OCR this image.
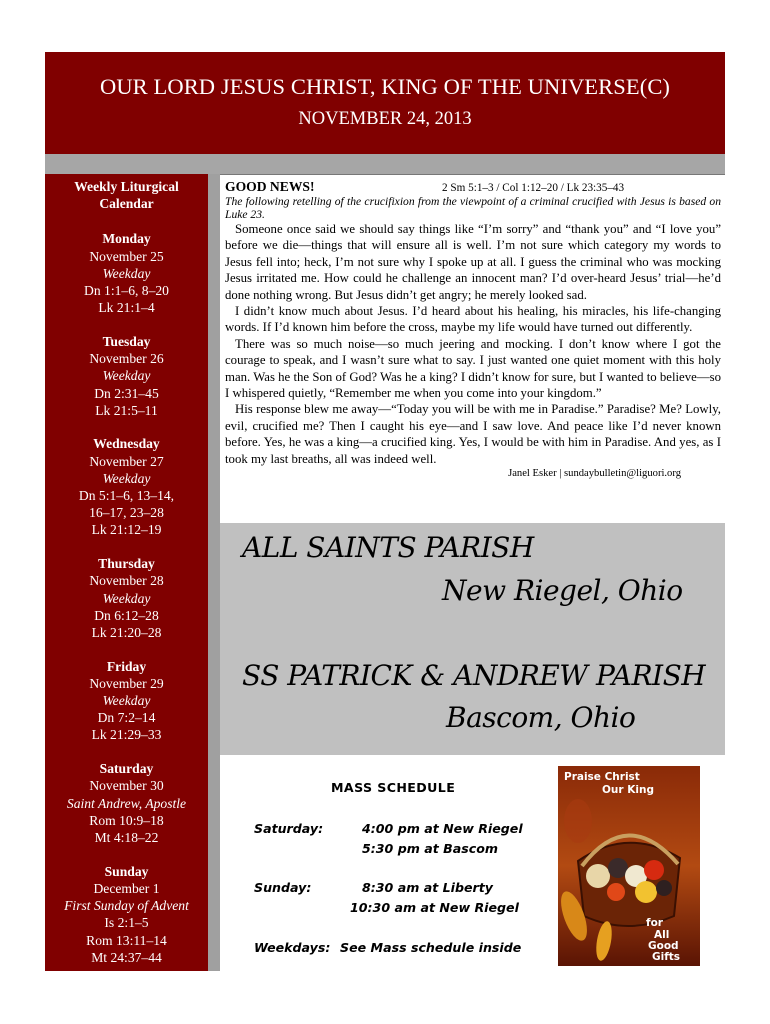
OUR LORD JESUS CHRIST, KING OF THE UNIVERSE(C)
NOVEMBER 24, 2013
Weekly Liturgical
Calendar
Monday
November 25
Weekday
Dn 1:1–6, 8–20
Lk 21:1–4
Tuesday
November 26
Weekday
Dn 2:31–45
Lk 21:5–11
Wednesday
November 27
Weekday
Dn 5:1–6, 13–14,
16–17, 23–28
Lk 21:12–19
Thursday
November 28
Weekday
Dn 6:12–28
Lk 21:20–28
Friday
November 29
Weekday
Dn 7:2–14
Lk 21:29–33
Saturday
November 30
Saint Andrew, Apostle
Rom 10:9–18
Mt 4:18–22
Sunday
December 1
First Sunday of Advent
Is 2:1–5
Rom 13:11–14
Mt 24:37–44
GOOD NEWS!	2 Sm 5:1–3 / Col 1:12–20 / Lk 23:35–43
The following retelling of the crucifixion from the viewpoint of a criminal crucified with Jesus is based on Luke 23.

Someone once said we should say things like “I’m sorry” and “thank you” and “I love you” before we die—things that will ensure all is well. I’m not sure which category my words to Jesus fell into; heck, I’m not sure why I spoke up at all. I guess the criminal who was mocking Jesus irritated me. How could he challenge an innocent man? I’d over-heard Jesus’ trial—he’d done nothing wrong. But Jesus didn’t get angry; he merely looked sad.

I didn’t know much about Jesus. I’d heard about his healing, his miracles, his life-changing words. If I’d known him before the cross, maybe my life would have turned out differently.

There was so much noise—so much jeering and mocking. I don’t know where I got the courage to speak, and I wasn’t sure what to say. I just wanted one quiet moment with this holy man. Was he the Son of God? Was he a king? I didn’t know for sure, but I wanted to believe—so I whispered quietly, “Remember me when you come into your kingdom.”

His response blew me away—“Today you will be with me in Paradise.” Paradise? Me? Lowly, evil, crucified me? Then I caught his eye—and I saw love. And peace like I’d never known before. Yes, he was a king—a crucified king. Yes, I would be with him in Paradise. And yes, as I took my last breaths, all was indeed well.

Janel Esker | sundaybulletin@liguori.org
ALL SAINTS PARISH
New Riegel, Ohio
SS PATRICK & ANDREW PARISH
Bascom, Ohio
MASS SCHEDULE
Saturday:	4:00 pm at New Riegel
5:30 pm at Bascom
Sunday:	8:30 am at Liberty
10:30 am at New Riegel
Weekdays: See Mass schedule inside
Praise Christ
Our King
for
All
Good
Gifts
